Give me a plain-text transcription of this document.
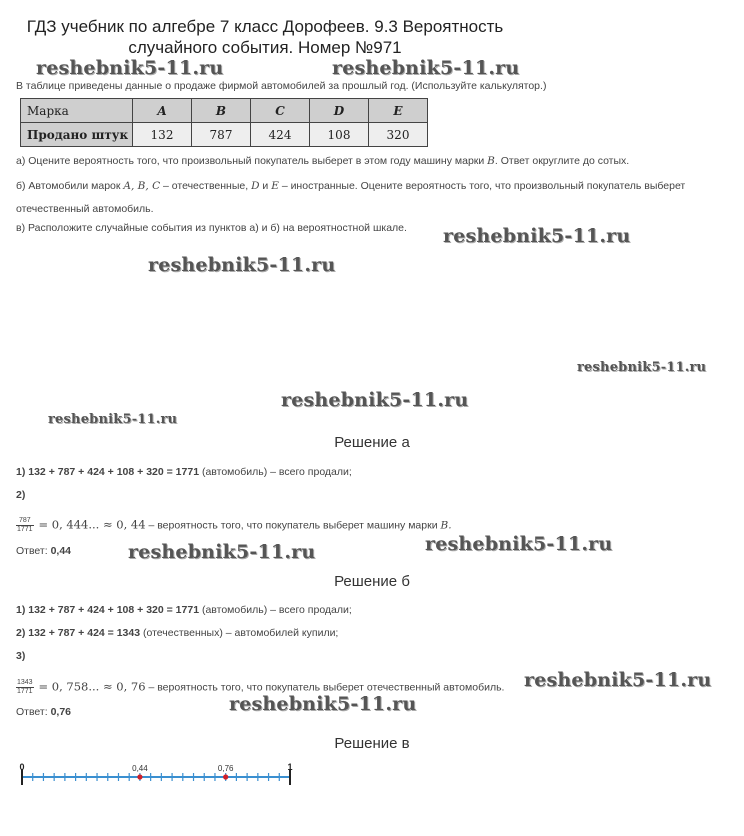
ГДЗ учебник по алгебре 7 класс Дорофеев. 9.3 Вероятность
случайного события. Номер №971
reshebnik5-11.ru	reshebnik5-11.ru
reshebnik5-11.ru
reshebnik5-11.ru
reshebnik5-11.ru
reshebnik5-11.ru
reshebnik5-11.ru
reshebnik5-11.ru	reshebnik5-11.ru
reshebnik5-11.ru
reshebnik5-11.ru
В таблице приведены данные о продаже фирмой автомобилей за прошлый год. (Используйте калькулятор.)
Марка	A	B	C	D	E
Продано штук	132	787	424	108	320
а) Оцените вероятность того, что произвольный покупатель выберет в этом году машину марки B. Ответ округлите до сотых.
б) Автомобили марок A, B, C – отечественные, D и E – иностранные. Оцените вероятность того, что произвольный покупатель выберет
отечественный автомобиль.
в) Расположите случайные события из пунктов а) и б) на вероятностной шкале.
Решение а
1) 132 + 787 + 424 + 108 + 320 = 1771 (автомобиль) – всего продали;
2)
$\frac{787}{1771} = 0$, 444... ≈ 0, 44 – вероятность того, что покупатель выберет машину марки B.
Ответ: 0,44
Решение б
1) 132 + 787 + 424 + 108 + 320 = 1771 (автомобиль) – всего продали;
2) 132 + 787 + 424 = 1343 (отечественных) – автомобилей купили;
3)
$\frac{1343}{1771} = 0$, 758... ≈ 0, 76 – вероятность того, что покупатель выберет отечественный автомобиль.
Ответ: 0,76
Решение в
0	1
0,44	0,76
